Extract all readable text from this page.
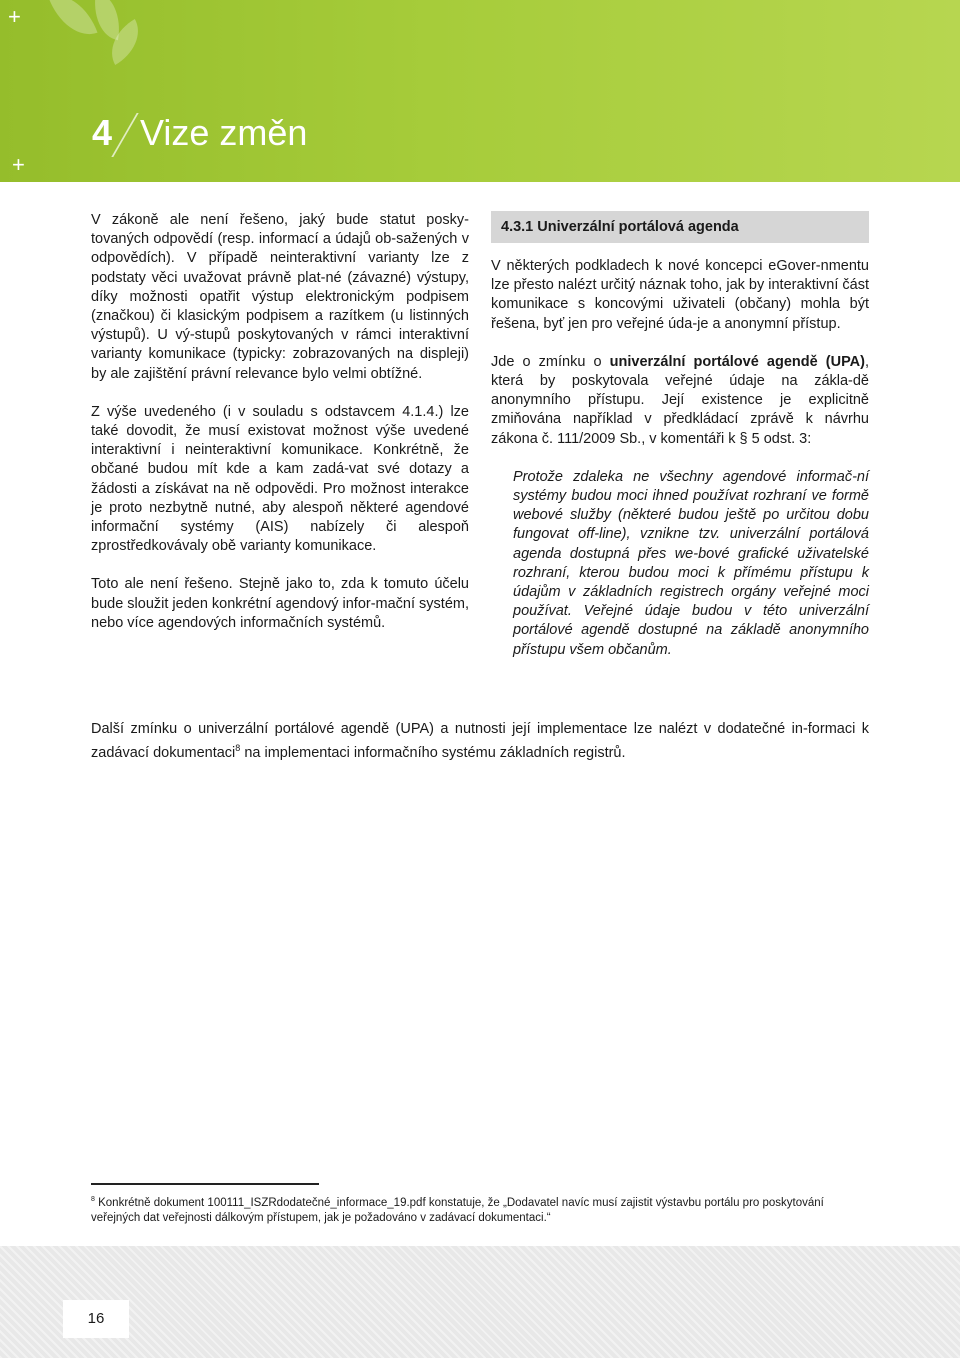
+
+
4 Vize změn

V zákoně ale není řešeno, jaký bude statut posky-tovaných odpovědí (resp. informací a údajů ob-sažených v odpovědích). V případě neinteraktivní varianty lze z podstaty věci uvažovat právně plat-né (závazné) výstupy, díky možnosti opatřit výstup elektronickým podpisem (značkou) či klasickým podpisem a razítkem (u listinných výstupů). U vý-stupů poskytovaných v rámci interaktivní varianty komunikace (typicky: zobrazovaných na displeji) by ale zajištění právní relevance bylo velmi obtížné.

Z výše uvedeného (i v souladu s odstavcem 4.1.4.) lze také dovodit, že musí existovat možnost výše uvedené interaktivní i neinteraktivní komunikace. Konkrétně, že občané budou mít kde a kam zadá-vat své dotazy a žádosti a získávat na ně odpovědi. Pro možnost interakce je proto nezbytně nutné, aby alespoň některé agendové informační systémy (AIS) nabízely či alespoň zprostředkovávaly obě varianty komunikace.

Toto ale není řešeno. Stejně jako to, zda k tomuto účelu bude sloužit jeden konkrétní agendový infor-mační systém, nebo více agendových informačních systémů.

4.3.1 Univerzální portálová agenda

V některých podkladech k nové koncepci eGover-nmentu lze přesto nalézt určitý náznak toho, jak by interaktivní část komunikace s koncovými uživateli (občany) mohla být řešena, byť jen pro veřejné úda-je a anonymní přístup.

Jde o zmínku o univerzální portálové agendě (UPA), která by poskytovala veřejné údaje na zákla-dě anonymního přístupu. Její existence je explicitně zmiňována například v předkládací zprávě k návrhu zákona č. 111/2009 Sb., v komentáři k § 5 odst. 3:

Protože zdaleka ne všechny agendové informač-ní systémy budou moci ihned používat rozhraní ve formě webové služby (některé budou ještě po určitou dobu fungovat off-line), vznikne tzv. univerzální portálová agenda dostupná přes we-bové grafické uživatelské rozhraní, kterou budou moci k přímému přístupu k údajům v základních registrech orgány veřejné moci používat. Veřejné údaje budou v této univerzální portálové agendě dostupné na základě anonymního přístupu všem občanům.

Další zmínku o univerzální portálové agendě (UPA) a nutnosti její implementace lze nalézt v dodatečné in-formaci k zadávací dokumentaci$^8$ na implementaci informačního systému základních registrů.
$^8$ Konkrétně dokument 100111_ISZRdodatečné_informace_19.pdf konstatuje, že „Dodavatel navíc musí zajistit výstavbu portálu pro poskytování veřejných dat veřejnosti dálkovým přístupem, jak je požadováno v zadávací dokumentaci.“
16
